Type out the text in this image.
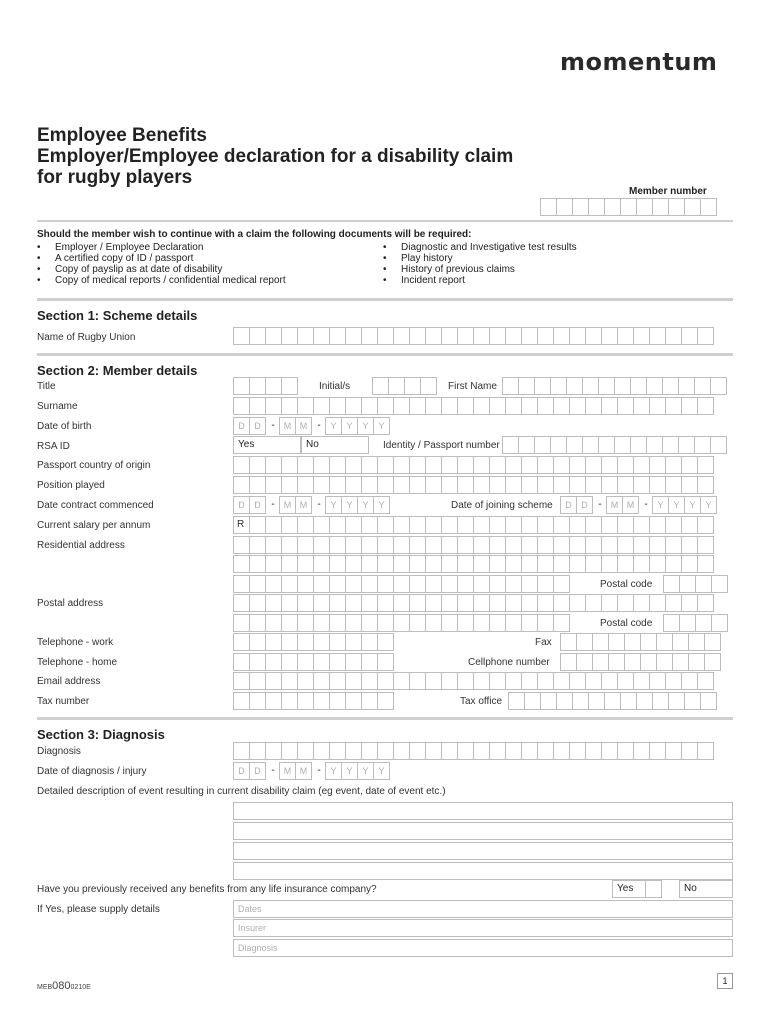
momentum
Employee Benefits
Employer/Employee declaration for a disability claim
for rugby players
Member number
Should the member wish to continue with a claim the following documents will be required:
• Employer / Employee Declaration
• A certified copy of ID / passport
• Copy of payslip as at date of disability
• Copy of medical reports / confidential medical report
• Diagnostic and Investigative test results
• Play history
• History of previous claims
• Incident report
Section 1: Scheme details
Name of Rugby Union
Section 2: Member details
Title	Initial/s	First Name
Surname
Date of birth	D	D	-	M M	-	Y	Y	Y	Y
RSA ID	Yes	No	Identity / Passport number
Passport country of origin
Position played
Date contract commenced	D	D	-	M M	-	Y	Y	Y	Y	Date of joining scheme	D	D	-	M M	-	Y	Y	Y	Y
Current salary per annum	R
Residential address
Postal code
Postal address
Postal code
Telephone - work	Fax
Telephone - home	Cellphone number
Email address
Tax number	Tax office
Section 3: Diagnosis
Diagnosis
Date of diagnosis / injury	D	D	-	M M	-	Y	Y	Y	Y
Detailed description of event resulting in current disability claim (eg event, date of event etc.)
Have you previously received any benefits from any life insurance company?	Yes	No
If Yes, please supply details	Dates
Insurer
Diagnosis
MEB0800210E
1
